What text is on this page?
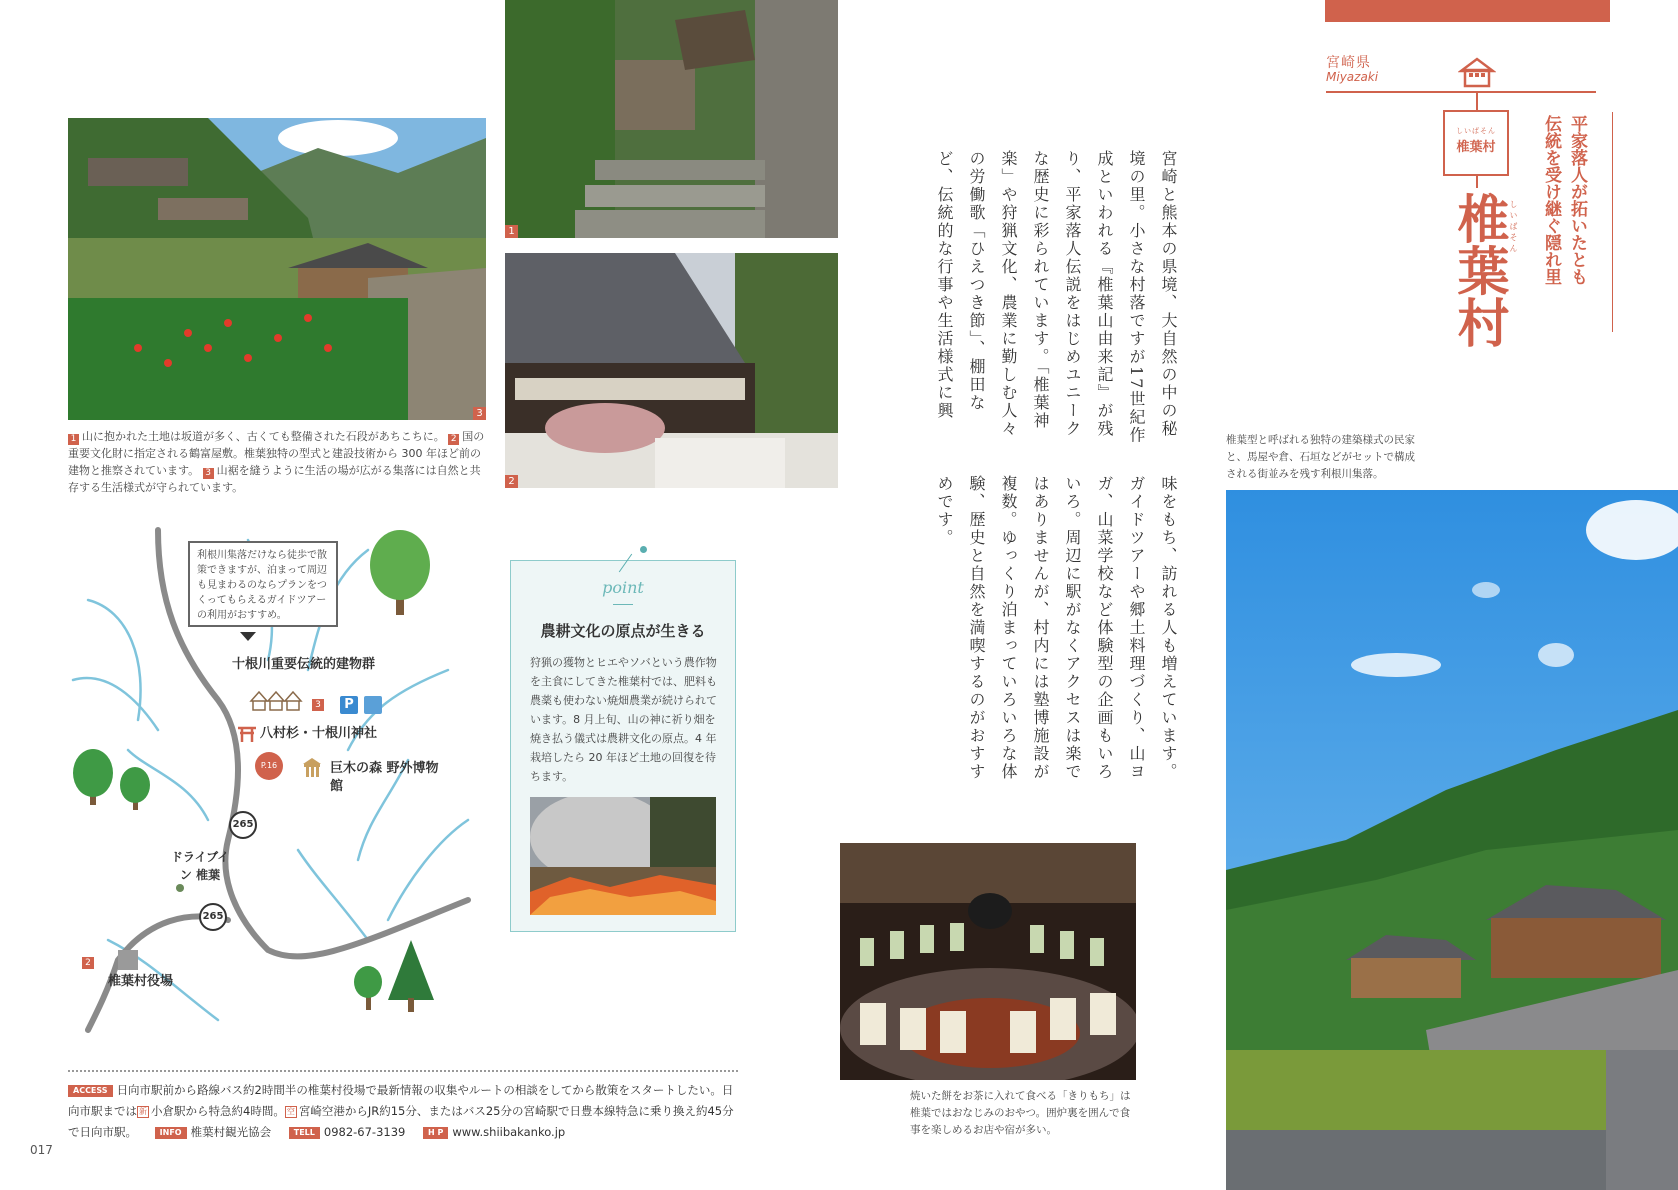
宮崎県
Miyazaki
しいばそん
椎葉村
椎葉村 しいばそん	平家落人が拓いたとも
伝統を受け継ぐ隠れ里
宮崎と熊本の県境、大自然の中の秘境の里。小さな村落ですが17世紀作成といわれる『椎葉山由来記』が残り、平家落人伝説をはじめユニークな歴史に彩られています。「椎葉神楽」や狩猟文化、農業に勤しむ人々の労働歌「ひえつき節」、棚田など、伝統的な行事や生活様式に興
味をもち、訪れる人も増えています。　ガイドツアーや郷土料理づくり、山ヨガ、山菜学校など体験型の企画もいろいろ。周辺に駅がなくアクセスは楽ではありませんが、村内には塾博施設が複数。ゆっくり泊まっていろいろな体験、歴史と自然を満喫するのがおすすめです。
3
1
2
1 山に抱かれた土地は坂道が多く、古くても整備された石段があちこちに。 2 国の重要文化財に指定される鶴富屋敷。椎葉独特の型式と建設技術から 300 年ほど前の建物と推察されています。 3 山裾を縫うように生活の場が広がる集落には自然と共存する生活様式が守られています。
利根川集落だけなら徒歩で散策できますが、泊まって周辺も見まわるのならプランをつくってもらえるガイドツアーの利用がおすすめ。
十根川重要伝統的建物群
3	P
八村杉・十根川神社
P.16	巨木の森 野外博物館
265
ドライブイン 椎葉
265
2
椎葉村役場
point
農耕文化の原点が生きる
狩猟の獲物とヒエやソバという農作物を主食にしてきた椎葉村では、肥料も農薬も使わない焼畑農業が続けられています。8 月上旬、山の神に祈り畑を焼き払う儀式は農耕文化の原点。4 年栽培したら 20 年ほど土地の回復を待ちます。
ACCESS 日向市駅前から路線バス約2時間半の椎葉村役場で最新情報の収集やルートの相談をしてから散策をスタートしたい。日向市駅までは 新 小倉駅から特急約4時間。 空 宮崎空港からJR約15分、またはバス25分の宮崎駅で日豊本線特急に乗り換え約45分で日向市駅。	INFO 椎葉村観光協会	TELL 0982-67-3139	H P www.shiibakanko.jp
017
焼いた餅をお茶に入れて食べる「きりもち」は椎葉ではおなじみのおやつ。囲炉裏を囲んで食事を楽しめるお店や宿が多い。
椎葉型と呼ばれる独特の建築様式の民家と、馬屋や倉、石垣などがセットで構成される街並みを残す利根川集落。
